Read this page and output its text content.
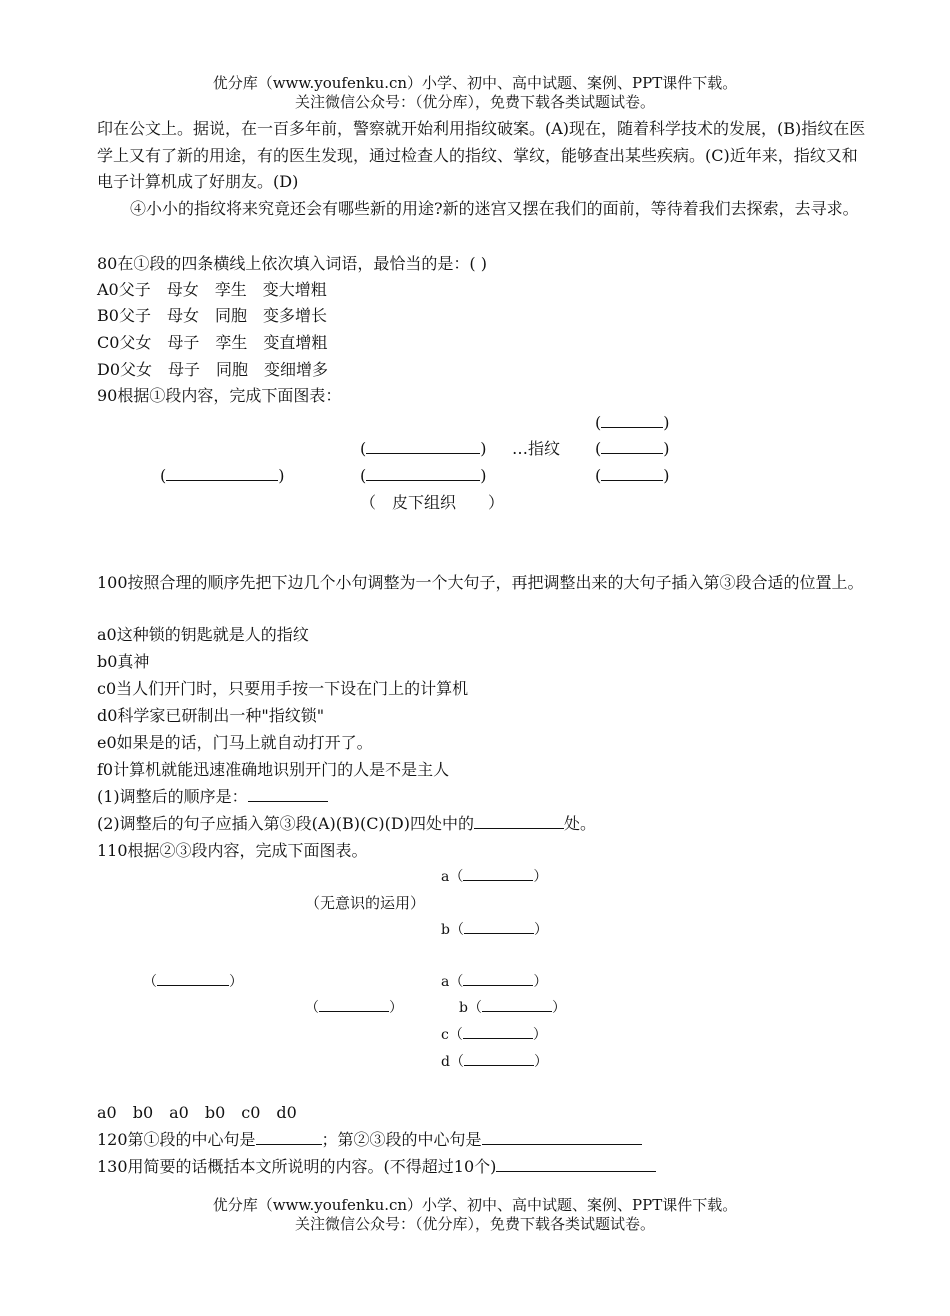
优分库（www.youfenku.cn）小学、初中、高中试题、案例、PPT课件下载。
关注微信公众号：（优分库），免费下载各类试题试卷。
印在公文上。据说，在一百多年前，警察就开始利用指纹破案。(A)现在，随着科学技术的发展，(B)指纹在医学上又有了新的用途，有的医生发现，通过检查人的指纹、掌纹，能够查出某些疾病。(C)近年来，指纹又和电子计算机成了好朋友。(D)
④小小的指纹将来究竟还会有哪些新的用途?新的迷宫又摆在我们的面前，等待着我们去探索，去寻求。
80在①段的四条横线上依次填入词语，最恰当的是：( )
A0父子　母女　孪生　变大增粗
B0父子　母女　同胞　变多增长
C0父女　母子　孪生　变直增粗
D0父女　母子　同胞　变细增多
90根据①段内容，完成下面图表：
(	)
(	) …指纹 (	)
(	)	(	)	(	)
（　皮下组织　　）
100按照合理的顺序先把下边几个小句调整为一个大句子，再把调整出来的大句子插入第③段合适的位置上。
a0这种锁的钥匙就是人的指纹
b0真神
c0当人们开门时，只要用手按一下设在门上的计算机
d0科学家已研制出一种"指纹锁"
e0如果是的话，门马上就自动打开了。
f0计算机就能迅速准确地识别开门的人是不是主人
(1)调整后的顺序是：
(2)调整后的句子应插入第③段(A)(B)(C)(D)四处中的	处。
110根据②③段内容，完成下面图表。
a（	）
（无意识的运用）
b（	）
（	）	a（	）
（	）	b（	）
c（	）
d（	）
a0　b0　a0　b0　c0　d0
120第①段的中心句是	；第②③段的中心句是
130用简要的话概括本文所说明的内容。(不得超过10个)
优分库（www.youfenku.cn）小学、初中、高中试题、案例、PPT课件下载。
关注微信公众号：（优分库），免费下载各类试题试卷。
